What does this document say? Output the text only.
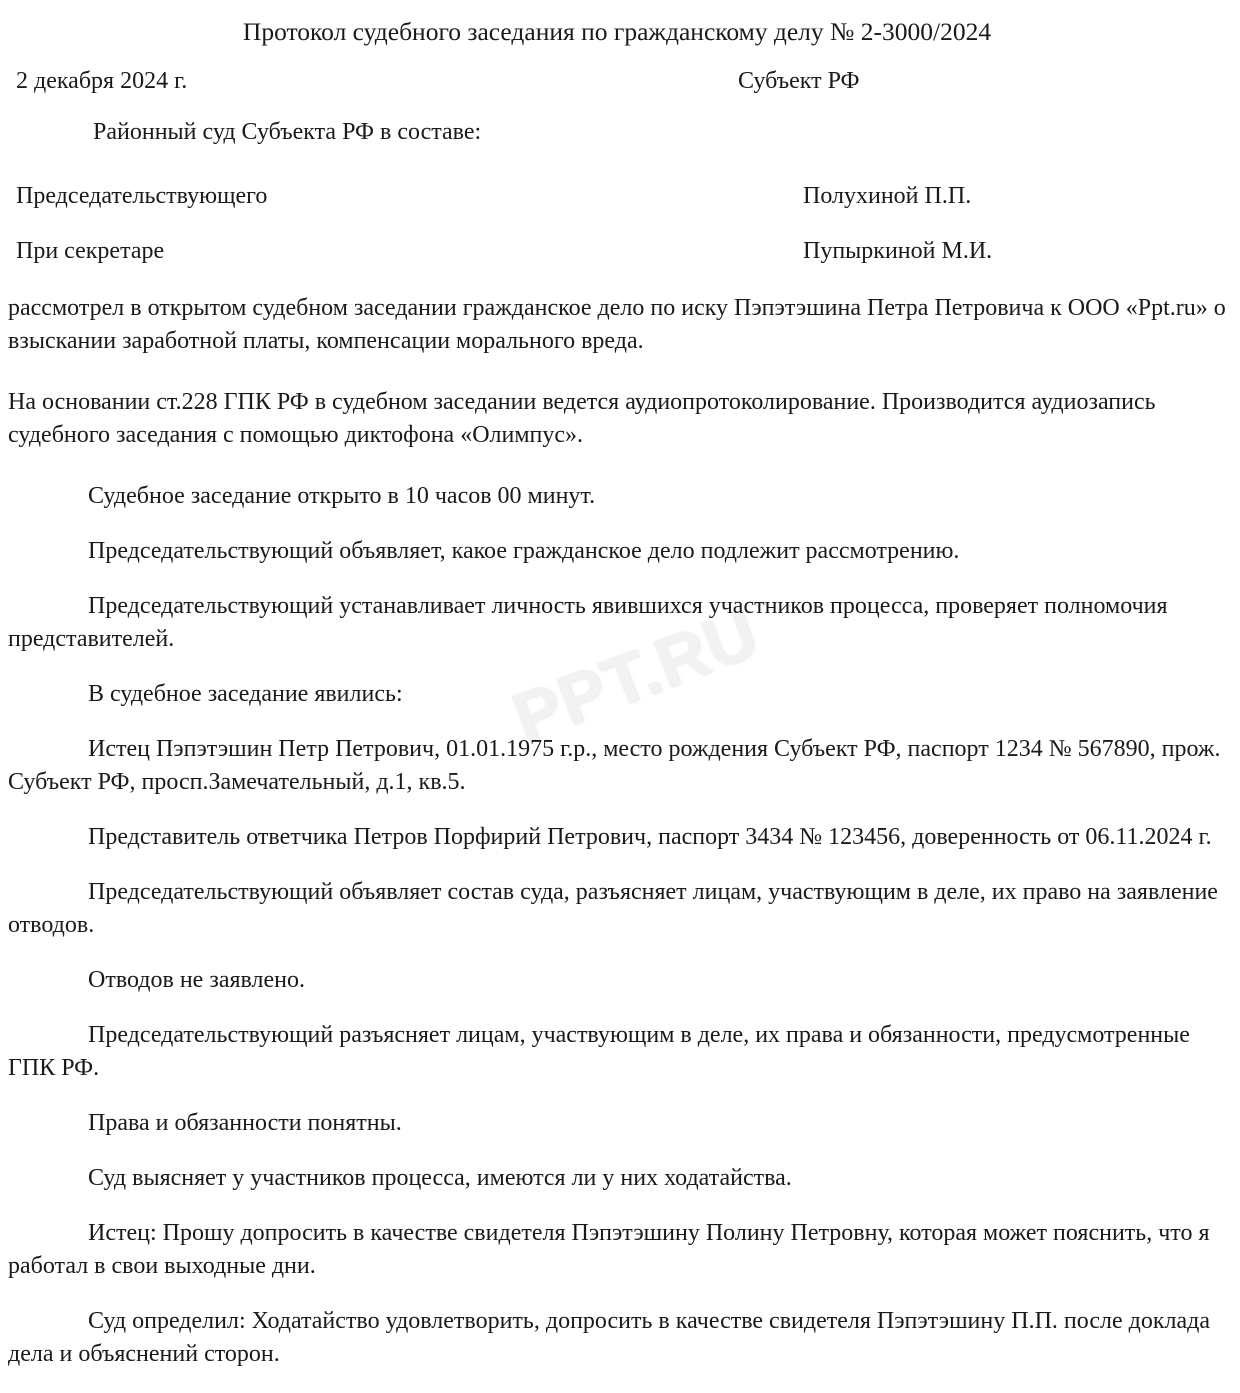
PPT.RU
Протокол судебного заседания по гражданскому делу № 2-3000/2024
2 декабря 2024 г.	Субъект РФ

Районный суд Субъекта РФ в составе:

Председательствующего	Полухиной П.П.
При секретаре	Пупыркиной М.И.

рассмотрел в открытом судебном заседании гражданское дело по иску Пэпэтэшина Петра Петровича к ООО «Ppt.ru» о взыскании заработной платы, компенсации морального вреда.

На основании ст.228 ГПК РФ в судебном заседании ведется аудиопротоколирование. Производится аудиозапись судебного заседания с помощью диктофона «Олимпус».

Судебное заседание открыто в 10 часов 00 минут.

Председательствующий объявляет, какое гражданское дело подлежит рассмотрению.

Председательствующий устанавливает личность явившихся участников процесса, проверяет полномочия представителей.

В судебное заседание явились:

Истец Пэпэтэшин Петр Петрович, 01.01.1975 г.р., место рождения Субъект РФ, паспорт 1234 № 567890, прож. Субъект РФ, просп.Замечательный, д.1, кв.5.

Представитель ответчика Петров Порфирий Петрович, паспорт 3434 № 123456, доверенность от 06.11.2024 г.

Председательствующий объявляет состав суда, разъясняет лицам, участвующим в деле, их право на заявление отводов.

Отводов не заявлено.

Председательствующий разъясняет лицам, участвующим в деле, их права и обязанности, предусмотренные ГПК РФ.

Права и обязанности понятны.

Суд выясняет у участников процесса, имеются ли у них ходатайства.

Истец: Прошу допросить в качестве свидетеля Пэпэтэшину Полину Петровну, которая может пояснить, что я работал в свои выходные дни.

Суд определил: Ходатайство удовлетворить, допросить в качестве свидетеля Пэпэтэшину П.П. после доклада дела и объяснений сторон.
